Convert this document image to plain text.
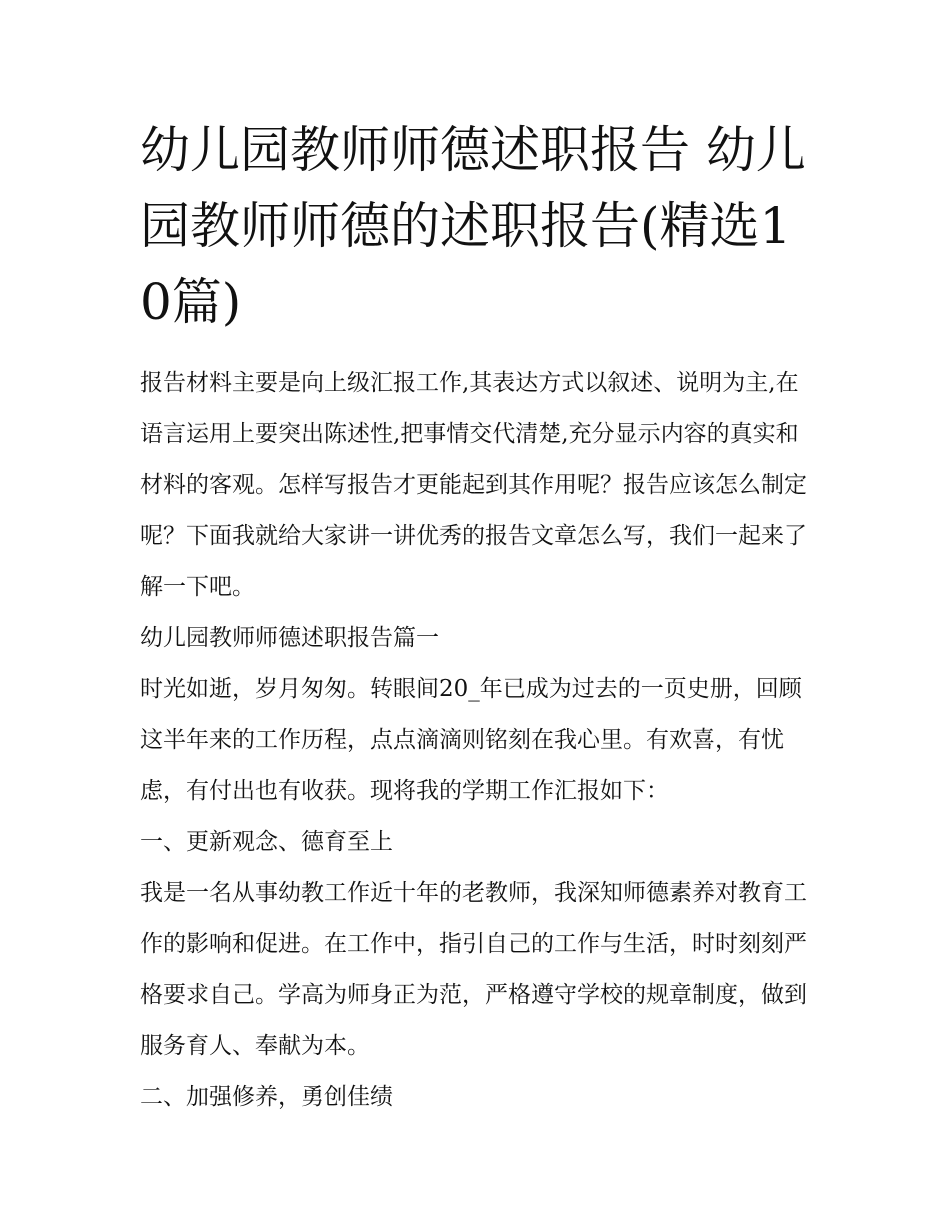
幼儿园教师师德述职报告 幼儿园教师师德的述职报告(精选10篇)

报告材料主要是向上级汇报工作,其表达方式以叙述、说明为主,在语言运用上要突出陈述性,把事情交代清楚,充分显示内容的真实和材料的客观。怎样写报告才更能起到其作用呢？报告应该怎么制定呢？下面我就给大家讲一讲优秀的报告文章怎么写，我们一起来了解一下吧。

幼儿园教师师德述职报告篇一

时光如逝，岁月匆匆。转眼间20_年已成为过去的一页史册，回顾这半年来的工作历程，点点滴滴则铭刻在我心里。有欢喜，有忧虑，有付出也有收获。现将我的学期工作汇报如下：

一、更新观念、德育至上

我是一名从事幼教工作近十年的老教师，我深知师德素养对教育工作的影响和促进。在工作中，指引自己的工作与生活，时时刻刻严格要求自己。学高为师身正为范，严格遵守学校的规章制度，做到服务育人、奉献为本。

二、加强修养，勇创佳绩
